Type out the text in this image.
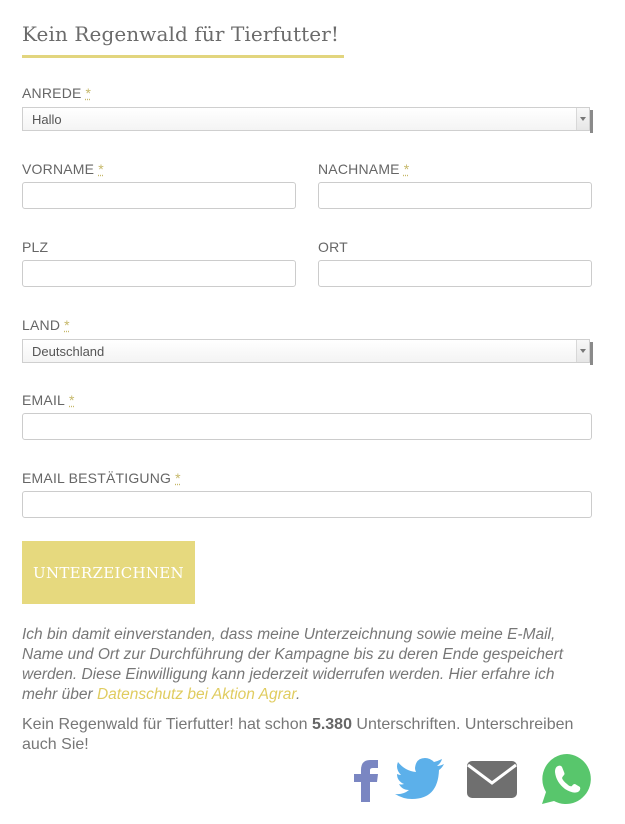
Kein Regenwald für Tierfutter!
ANREDE *
Hallo
VORNAME *	NACHNAME *
PLZ	ORT
LAND *
Deutschland
EMAIL *
EMAIL BESTÄTIGUNG *
UNTERZEICHNEN
Ich bin damit einverstanden, dass meine Unterzeichnung sowie meine E-Mail, Name und Ort zur Durchführung der Kampagne bis zu deren Ende gespeichert werden. Diese Einwilligung kann jederzeit widerrufen werden. Hier erfahre ich mehr über Datenschutz bei Aktion Agrar.
Kein Regenwald für Tierfutter! hat schon 5.380 Unterschriften. Unterschreiben auch Sie!
